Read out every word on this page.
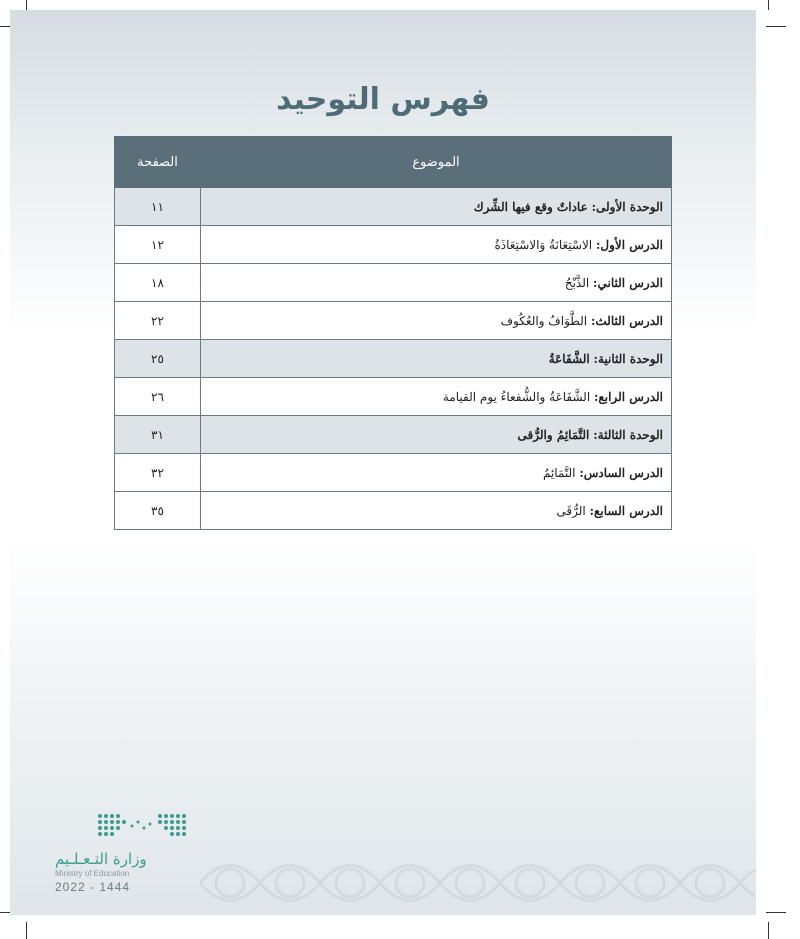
فهرس التوحيد
الموضوع	الصفحة
الوحدة الأولى: عاداتٌ وقع فيها الشِّرك	١١
الدرس الأول: الاسْتِعَانَةُ وَالاسْتِعَاذَةُ	١٢
الدرس الثاني: الذَّبْحُ	١٨
الدرس الثالث: الطَّوَافُ والعُكُوف	٢٢
الوحدة الثانية: الشَّفَاعَةُ	٢٥
الدرس الرابع: الشَّفَاعَةُ والشُّفعاءُ يوم القيامة	٢٦
الوحدة الثالثة: التَّمَائِمُ والرُّقى	٣١
الدرس السادس: التَّمَائِمُ	٣٢
الدرس السابع: الرُّقَى	٣٥
وزارة التـعـلـيم
Ministry of Education
2022 - 1444
